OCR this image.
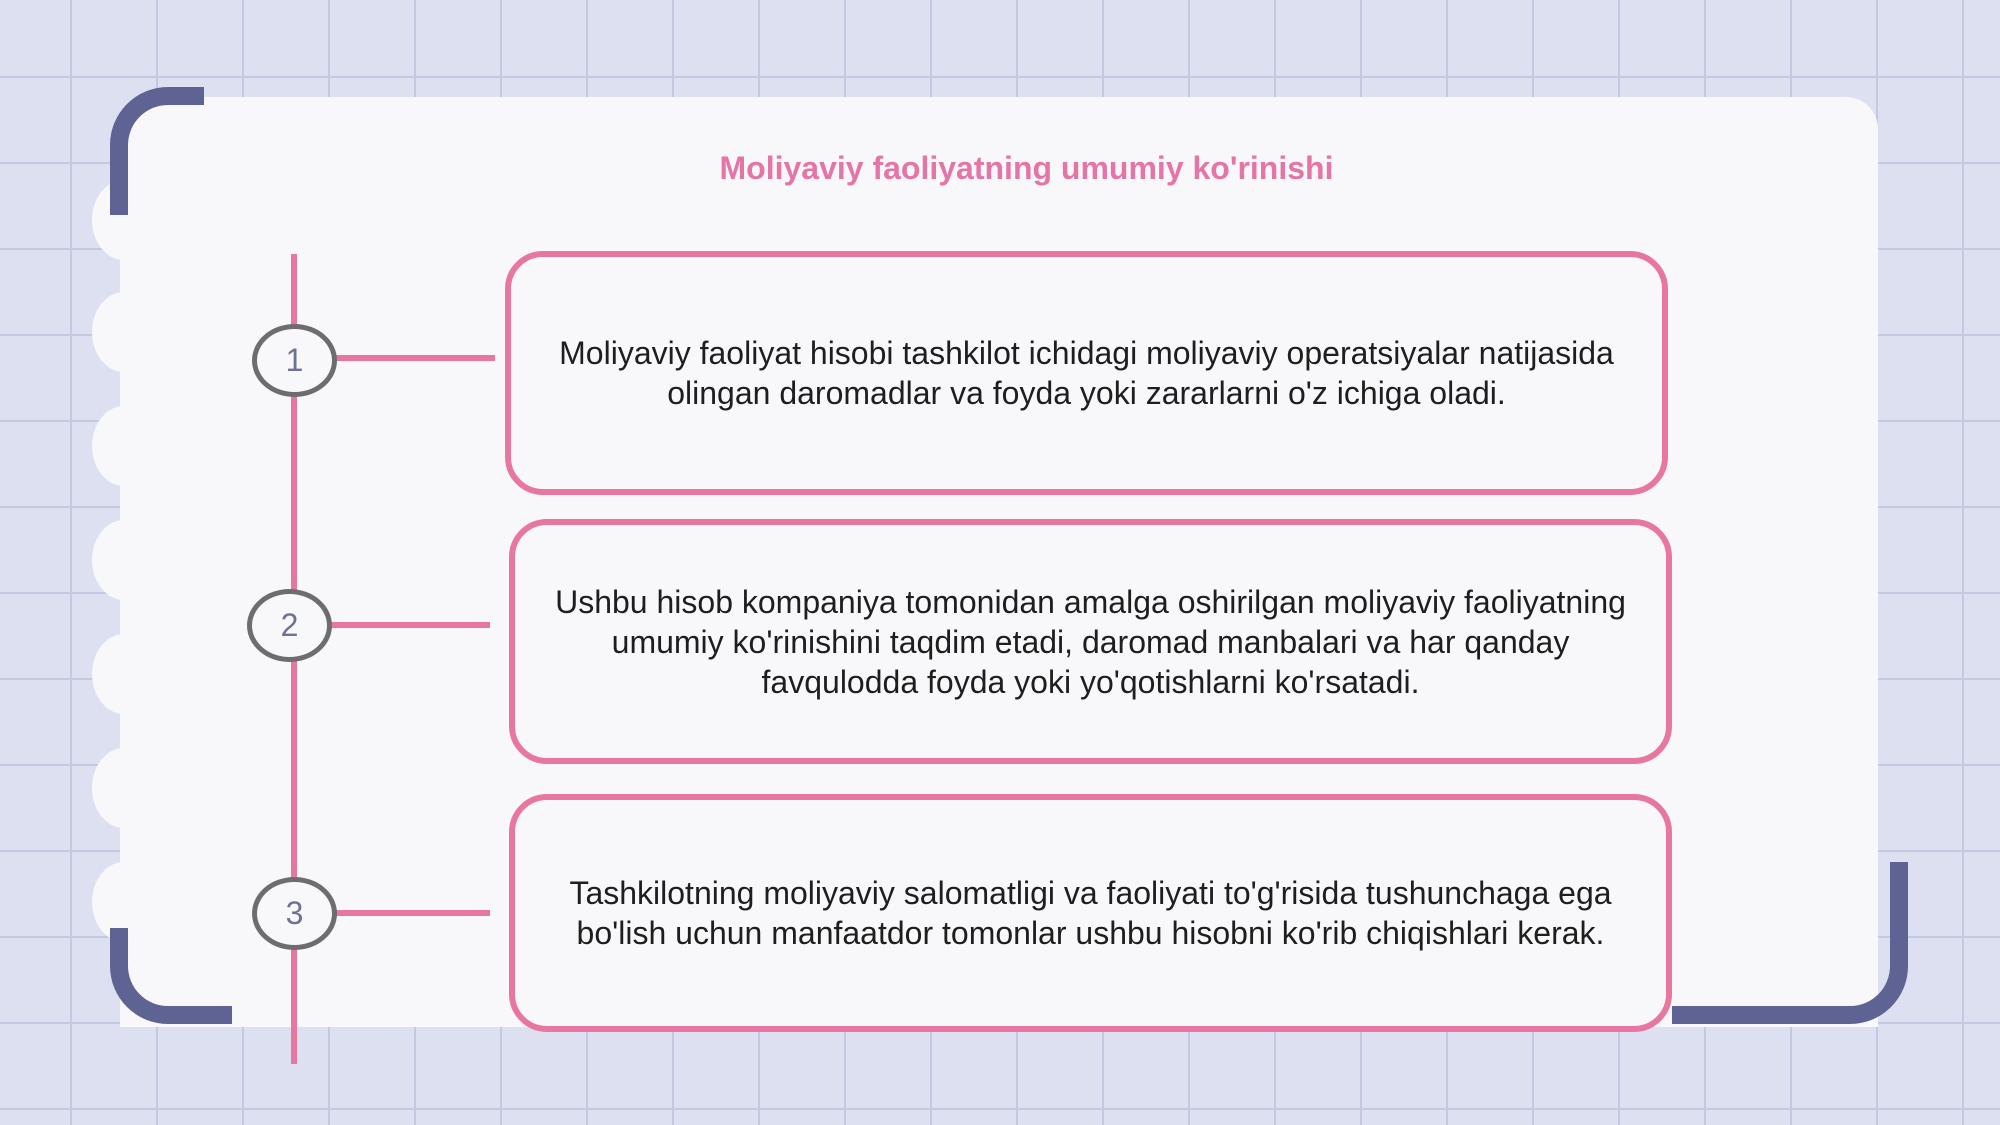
Moliyaviy faoliyatning umumiy ko'rinishi
1
2
3
Moliyaviy faoliyat hisobi tashkilot ichidagi moliyaviy operatsiyalar natijasida olingan daromadlar va foyda yoki zararlarni o'z ichiga oladi.
Ushbu hisob kompaniya tomonidan amalga oshirilgan moliyaviy faoliyatning umumiy ko'rinishini taqdim etadi, daromad manbalari va har qanday favqulodda foyda yoki yo'qotishlarni ko'rsatadi.
Tashkilotning moliyaviy salomatligi va faoliyati to'g'risida tushunchaga ega bo'lish uchun manfaatdor tomonlar ushbu hisobni ko'rib chiqishlari kerak.
